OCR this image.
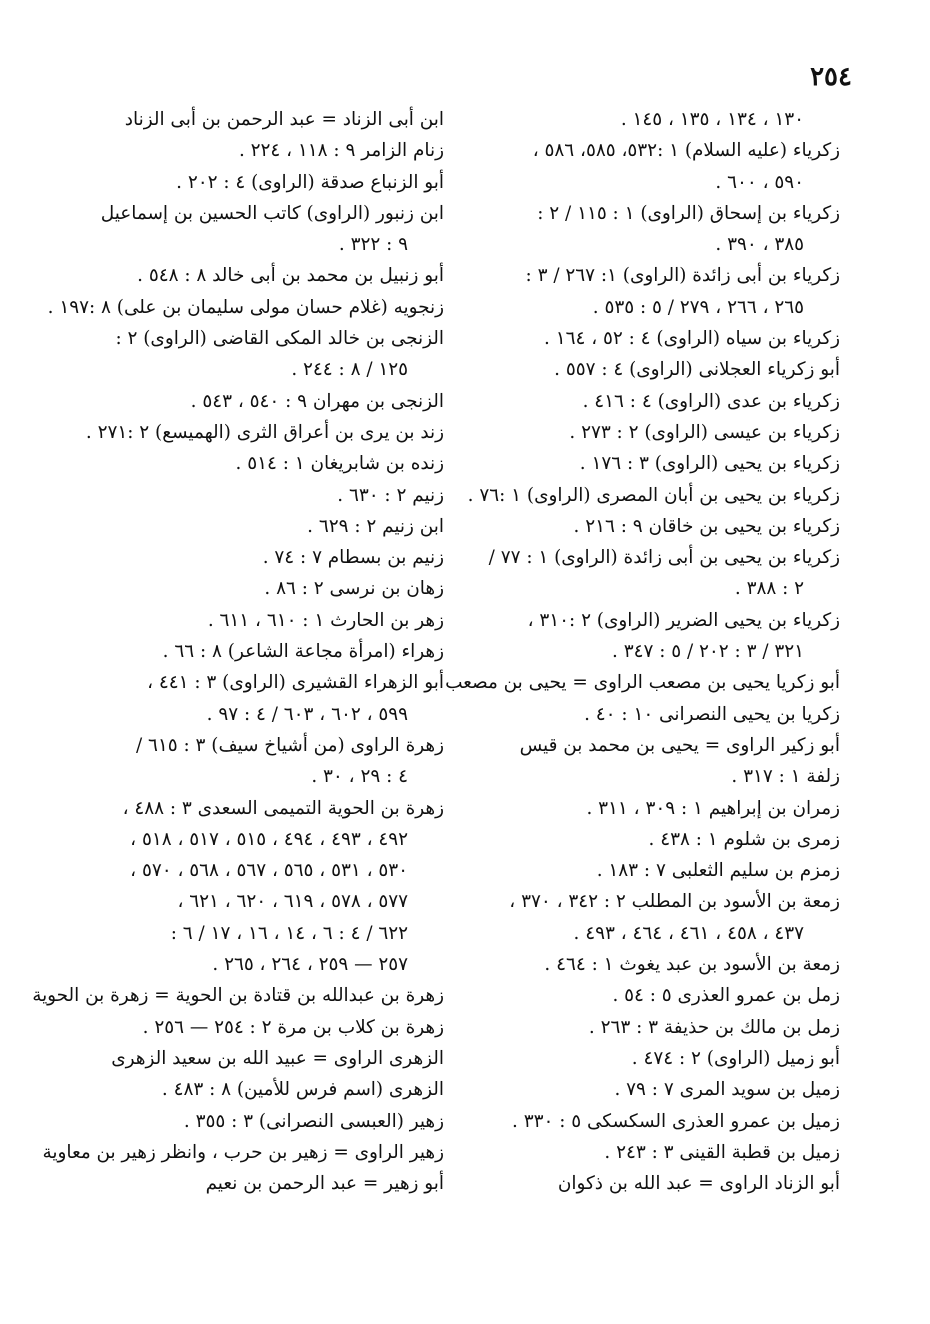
٢٥٤
١٣٠ ، ١٣٤ ، ١٣٥ ، ١٤٥ .
زكرياء (عليه السلام) ١ :٥٣٢، ٥٨٥، ٥٨٦ ،
٥٩٠ ، ٦٠٠ .
زكرياء بن إسحاق (الراوى) ١ : ١١٥ / ٢ :
٣٨٥ ، ٣٩٠ .
زكرياء بن أبى زائدة (الراوى) ١: ٢٦٧ / ٣ :
٢٦٥ ، ٢٦٦ ، ٢٧٩ / ٥ : ٥٣٥ .
زكرياء بن سياه (الراوى) ٤ : ٥٢ ، ١٦٤ .
أبو زكرياء العجلانى (الراوى) ٤ : ٥٥٧ .
زكرياء بن عدى (الراوى) ٤ : ٤١٦ .
زكرياء بن عيسى (الراوى) ٢ : ٢٧٣ .
زكرياء بن يحيى (الراوى) ٣ : ١٧٦ .
زكرياء بن يحيى بن أبان المصرى (الراوى) ١ :٧٦ .
زكرياء بن يحيى بن خاقان ٩ : ٢١٦ .
زكرياء بن يحيى بن أبى زائدة (الراوى) ١ : ٧٧ /
٢ : ٣٨٨ .
زكرياء بن يحيى الضرير (الراوى) ٢ :٣١٠ ،
٣٢١ / ٣ : ٢٠٢ / ٥ : ٣٤٧ .
أبو زكريا يحيى بن مصعب الراوى = يحيى بن مصعب
زكريا بن يحيى النصرانى ١٠ : ٤٠ .
أبو زكير الراوى = يحيى بن محمد بن قيس
زلفة ١ : ٣١٧ .
زمران بن إبراهيم ١ : ٣٠٩ ، ٣١١ .
زمرى بن شلوم ١ : ٤٣٨ .
زمزم بن سليم الثعلبى ٧ : ١٨٣ .
زمعة بن الأسود بن المطلب ٢ : ٣٤٢ ، ٣٧٠ ،
٤٣٧ ، ٤٥٨ ، ٤٦١ ، ٤٦٤ ، ٤٩٣ .
زمعة بن الأسود بن عبد يغوث ١ : ٤٦٤ .
زمل بن عمرو العذرى ٥ : ٥٤ .
زمل بن مالك بن حذيفة ٣ : ٢٦٣ .
أبو زميل (الراوى) ٢ : ٤٧٤ .
زميل بن سويد المرى ٧ : ٧٩ .
زميل بن عمرو العذرى السكسكى ٥ : ٣٣٠ .
زميل بن قطبة القينى ٣ : ٢٤٣ .
أبو الزناد الراوى = عبد الله بن ذكوان
ابن أبى الزناد = عبد الرحمن بن أبى الزناد
زنام الزامر ٩ : ١١٨ ، ٢٢٤ .
أبو الزنباع صدقة (الراوى) ٤ : ٢٠٢ .
ابن زنبور (الراوى) كاتب الحسين بن إسماعيل
٩ : ٣٢٢ .
أبو زنبيل بن محمد بن أبى خالد ٨ : ٥٤٨ .
زنجويه (غلام حسان مولى سليمان بن على) ٨ :١٩٧ .
الزنجى بن خالد المكى القاضى (الراوى) ٢ :
١٢٥ / ٨ : ٢٤٤ .
الزنجى بن مهران ٩ : ٥٤٠ ، ٥٤٣ .
زند بن يرى بن أعراق الثرى (الهميسع) ٢ :٢٧١ .
زنده بن شابريغان ١ : ٥١٤ .
زنيم ٢ : ٦٣٠ .
ابن زنيم ٢ : ٦٢٩ .
زنيم بن بسطام ٧ : ٧٤ .
زهان بن نرسى ٢ : ٨٦ .
زهر بن الحارث ١ : ٦١٠ ، ٦١١ .
زهراء (امرأة مجاعة الشاعر) ٨ : ٦٦ .
أبو الزهراء القشيرى (الراوى) ٣ : ٤٤١ ،
٥٩٩ ، ٦٠٢ ، ٦٠٣ / ٤ : ٩٧ .
زهرة الراوى (من أشياخ سيف) ٣ : ٦١٥ /
٤ : ٢٩ ، ٣٠ .
زهرة بن الحوية التميمى السعدى ٣ : ٤٨٨ ،
٤٩٢ ، ٤٩٣ ، ٤٩٤ ، ٥١٥ ، ٥١٧ ، ٥١٨ ،
٥٣٠ ، ٥٣١ ، ٥٦٥ ، ٥٦٧ ، ٥٦٨ ، ٥٧٠ ،
٥٧٧ ، ٥٧٨ ، ٦١٩ ، ٦٢٠ ، ٦٢١ ،
٦٢٢ / ٤ : ٦ ، ١٤ ، ١٦ ، ١٧ / ٦ :
٢٥٧ — ٢٥٩ ، ٢٦٤ ، ٢٦٥ .
زهرة بن عبدالله بن قتادة بن الحوية = زهرة بن الحوية
زهرة بن كلاب بن مرة ٢ : ٢٥٤ — ٢٥٦ .
الزهرى الراوى = عبيد الله بن سعيد الزهرى
الزهرى (اسم فرس للأمين) ٨ : ٤٨٣ .
زهير (العبسى النصرانى) ٣ : ٣٥٥ .
زهير الراوى = زهير بن حرب ، وانظر زهير بن معاوية
أبو زهير = عبد الرحمن بن نعيم
